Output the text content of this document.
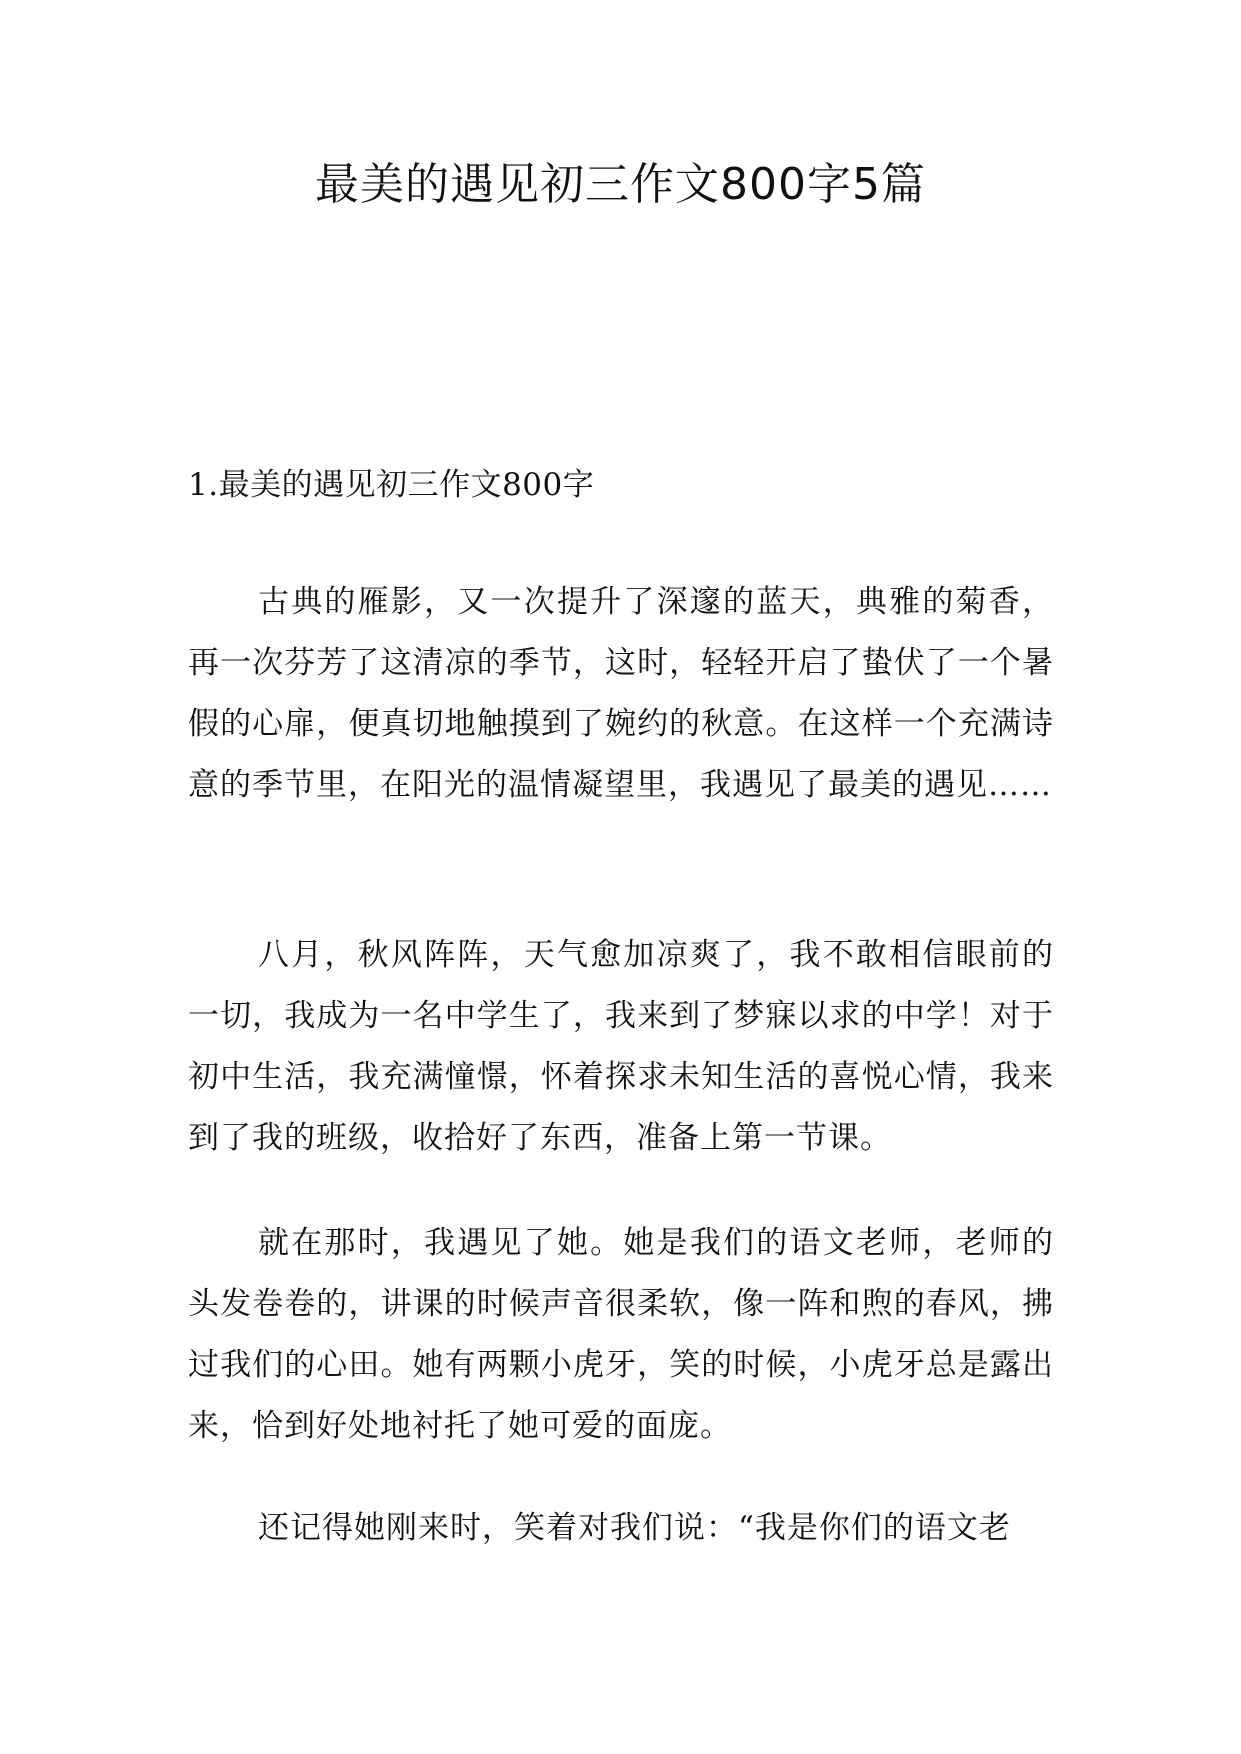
最美的遇见初三作文800字5篇

1.最美的遇见初三作文800字

古典的雁影，又一次提升了深邃的蓝天，典雅的菊香，再一次芬芳了这清凉的季节，这时，轻轻开启了蛰伏了一个暑假的心扉，便真切地触摸到了婉约的秋意。在这样一个充满诗意的季节里，在阳光的温情凝望里，我遇见了最美的遇见……

八月，秋风阵阵，天气愈加凉爽了，我不敢相信眼前的一切，我成为一名中学生了，我来到了梦寐以求的中学！对于初中生活，我充满憧憬，怀着探求未知生活的喜悦心情，我来到了我的班级，收拾好了东西，准备上第一节课。

就在那时，我遇见了她。她是我们的语文老师，老师的头发卷卷的，讲课的时候声音很柔软，像一阵和煦的春风，拂过我们的心田。她有两颗小虎牙，笑的时候，小虎牙总是露出来，恰到好处地衬托了她可爱的面庞。

还记得她刚来时，笑着对我们说：“我是你们的语文老
